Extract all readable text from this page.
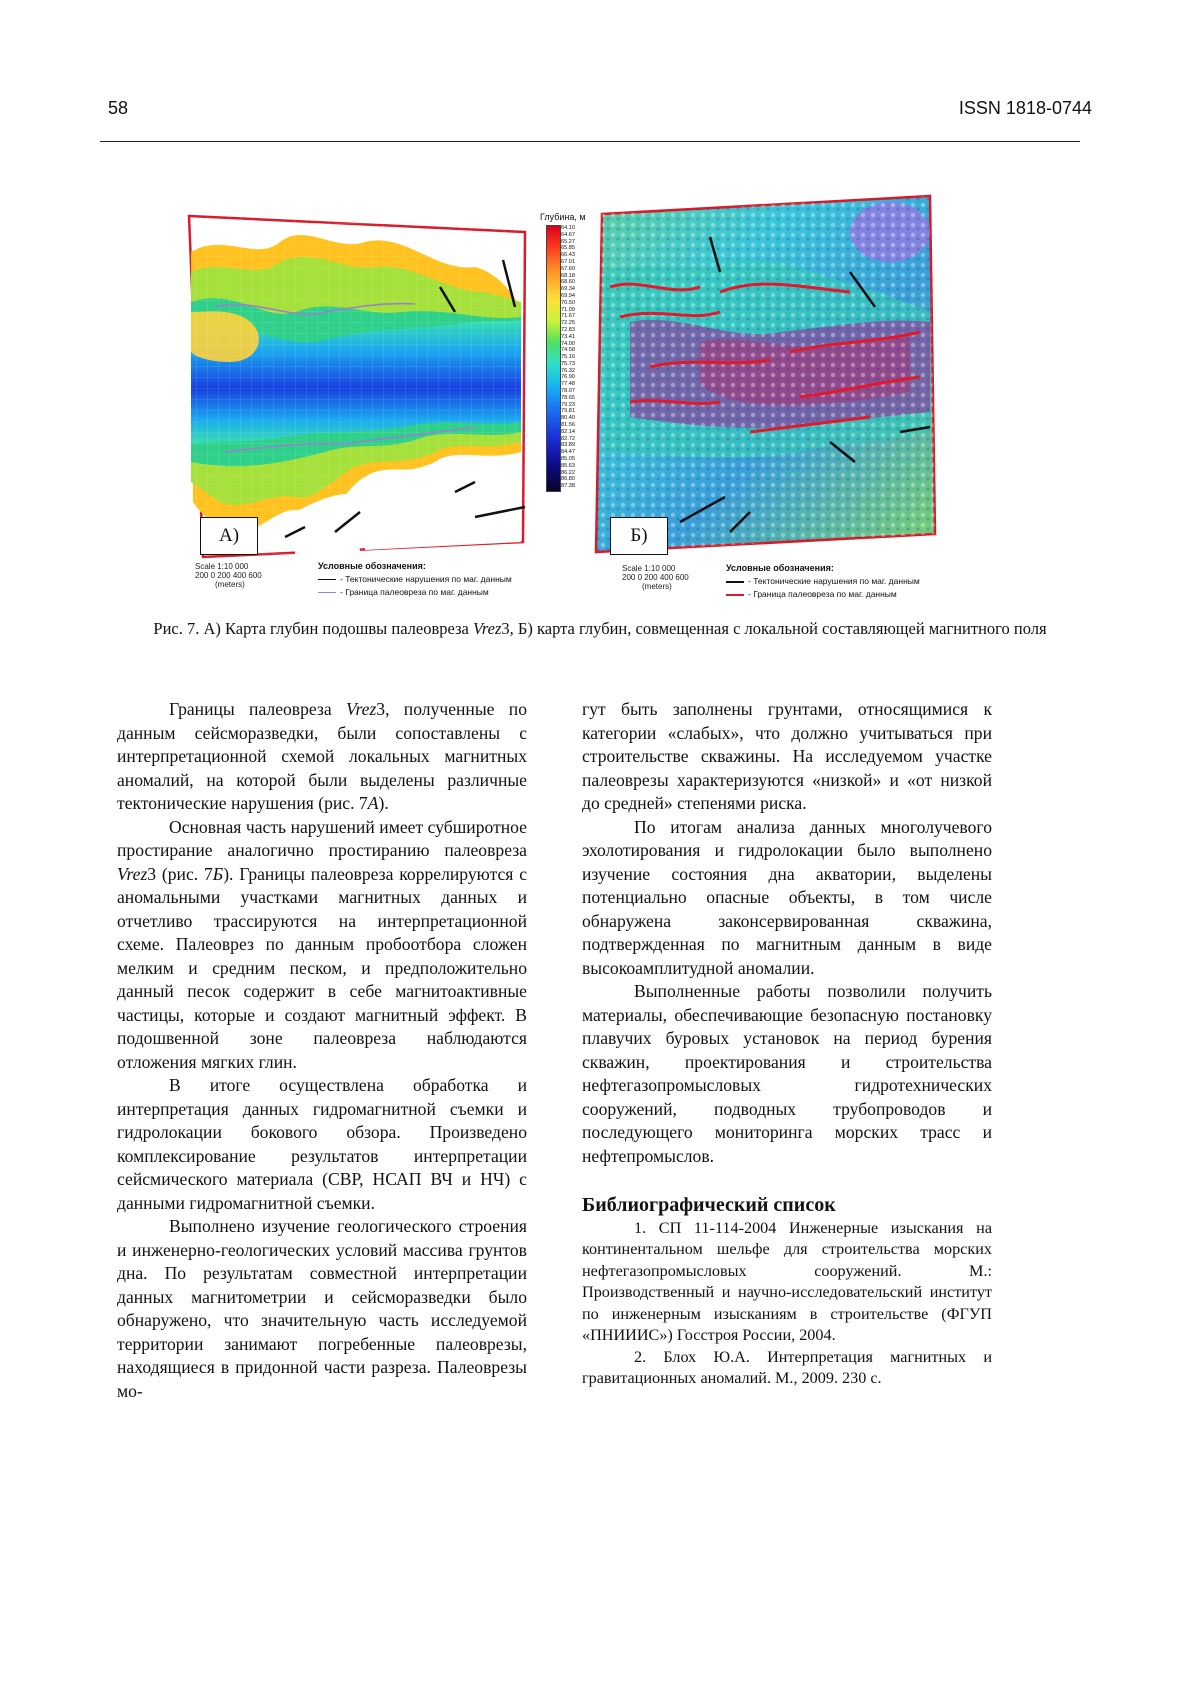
58	ISSN 1818-0744
А)
Глубина, м
Б)
Scale 1:10 000
200 0 200 400 600
(meters)
Условные обозначения:
- Тектонические нарушения по маг. данным
- Граница палеовреза по маг. данным
Scale 1:10 000
200 0 200 400 600
(meters)
Условные обозначения:
- Тектонические нарушения по маг. данным
- Граница палеовреза по маг. данным
64.10
64.67
65.27
65.85
66.43
67.01
67.60
68.18
68.60
69.34
69.94
70.50
71.09
71.67
72.25
72.83
73.41
74.00
74.58
75.16
75.73
76.32
76.90
77.48
78.07
78.65
79.23
79.81
80.40
81.56
82.14
82.72
83.89
84.47
85.05
85.63
86.22
86.80
87.38
Рис. 7. А) Карта глубин подошвы палеовреза Vrez3, Б) карта глубин, совмещенная с локальной составляющей магнитного поля

Границы палеовреза Vrez3, полученные по данным сейсморазведки, были сопоставлены с интерпретационной схемой локальных магнитных аномалий, на которой были выделены различные тектонические нарушения (рис. 7А).

Основная часть нарушений имеет субширотное простирание аналогично простиранию палеовреза Vrez3 (рис. 7Б). Границы палеовреза коррелируются с аномальными участками магнитных данных и отчетливо трассируются на интерпретационной схеме. Палеоврез по данным пробоотбора сложен мелким и средним песком, и предположительно данный песок содержит в себе магнитоактивные частицы, которые и создают магнитный эффект. В подошвенной зоне палеовреза наблюдаются отложения мягких глин.

В итоге осуществлена обработка и интерпретация данных гидромагнитной съемки и гидролокации бокового обзора. Произведено комплексирование результатов интерпретации сейсмического материала (СВР, НСАП ВЧ и НЧ) с данными гидромагнитной съемки.

Выполнено изучение геологического строения и инженерно-геологических условий массива грунтов дна. По результатам совместной интерпретации данных магнитометрии и сейсморазведки было обнаружено, что значительную часть исследуемой территории занимают погребенные палеоврезы, находящиеся в придонной части разреза. Палеоврезы мо-

гут быть заполнены грунтами, относящимися к категории «слабых», что должно учитываться при строительстве скважины. На исследуемом участке палеоврезы характеризуются «низкой» и «от низкой до средней» степенями риска.

По итогам анализа данных многолучевого эхолотирования и гидролокации было выполнено изучение состояния дна акватории, выделены потенциально опасные объекты, в том числе обнаружена законсервированная скважина, подтвержденная по магнитным данным в виде высокоамплитудной аномалии.

Выполненные работы позволили получить материалы, обеспечивающие безопасную постановку плавучих буровых установок на период бурения скважин, проектирования и строительства нефтегазопромысловых гидротехнических сооружений, подводных трубопроводов и последующего мониторинга морских трасс и нефтепромыслов.

Библиографический список

1. СП 11-114-2004 Инженерные изыскания на континентальном шельфе для строительства морских нефтегазопромысловых сооружений. М.: Производственный и научно-исследовательский институт по инженерным изысканиям в строительстве (ФГУП «ПНИИИС») Госстроя России, 2004.

2. Блох Ю.А. Интерпретация магнитных и гравитационных аномалий. М., 2009. 230 с.
